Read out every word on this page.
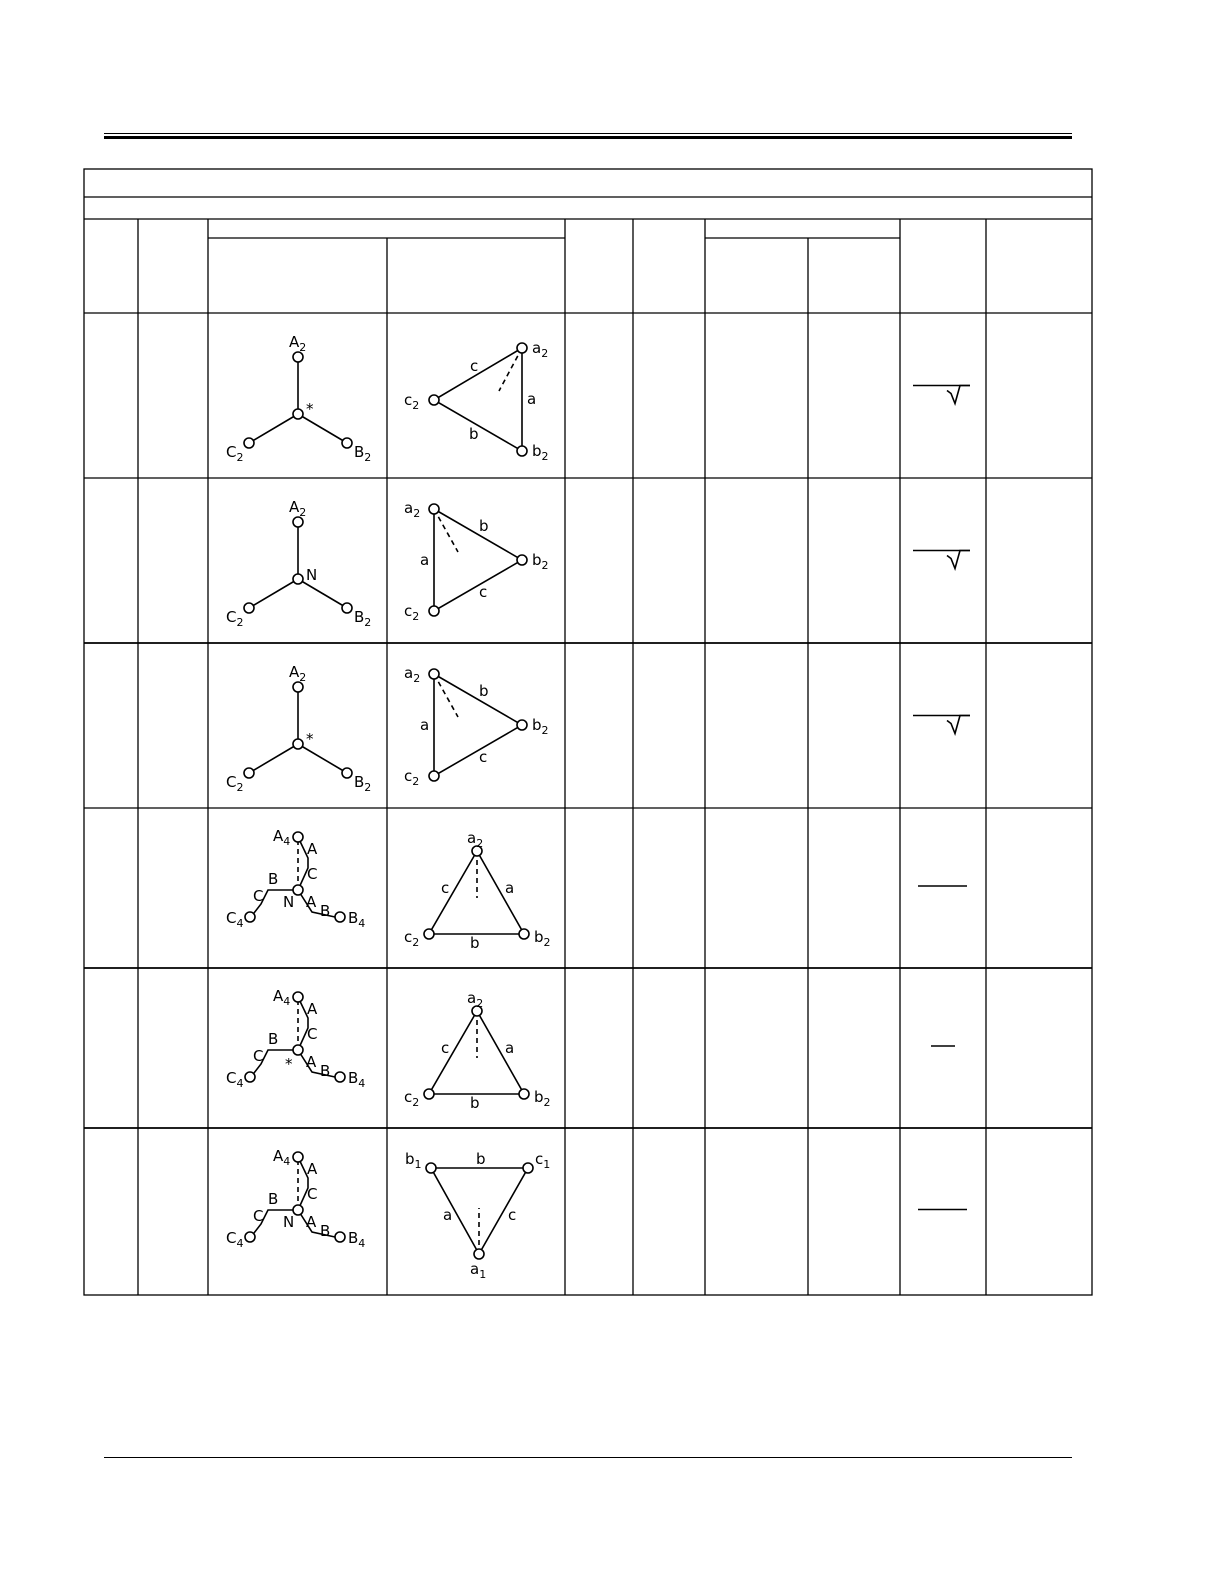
$A_2$
$C_2$	$B_2$
*
$a_2$
$c_2$
$b_2$
c
a
b
$A_2$
$C_2$	$B_2$
N
$a_2$
$b_2$
$c_2$
b
a
c
$A_2$
$C_2$	$B_2$
*
$a_2$
$b_2$
$c_2$
b
a
c
$A_4$
$C_4$	$B_4$
A
C
B
C	A B
N
$a_2$
$c_2$	$b_2$
c	a
b
$A_4$
$C_4$	$B_4$
A
C
B
C	A B
*
$a_2$
$c_2$	$b_2$
c	a
b
$A_4$
$C_4$	$B_4$
A
C
B
C	A B
N
$b_1$	$c_1$
$a_1$
b
a	c
